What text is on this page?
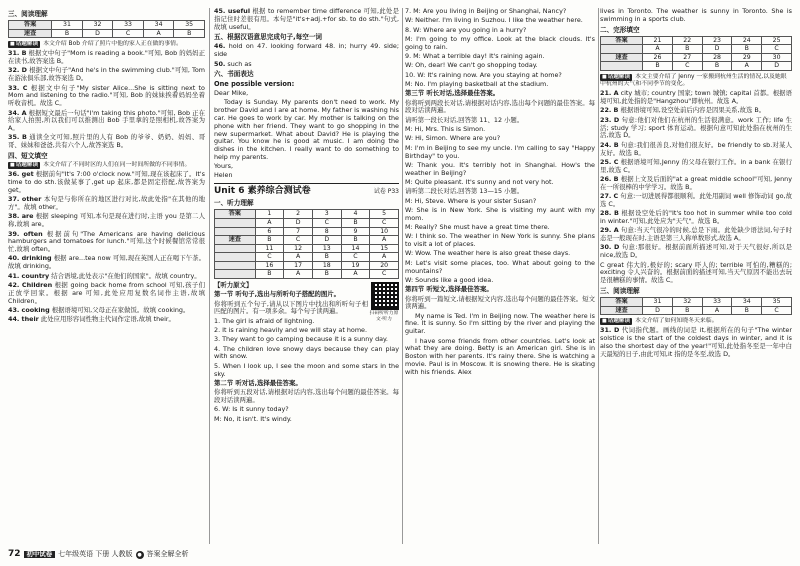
三、阅读理解
答案	31	32	33	34	35
速查	B	D	C	A	B
■ 话题解读 本文介绍 Bob 介绍了照片中他的家人正在做的事情。

31. B 根据文中句子"Mom is reading a book."可知, Bob 的妈妈正在读书,故答案选 B。

32. D 根据文中句子"And he's in the swimming club."可知, Tom 在游泳俱乐部,故答案选 D。

33. C 根据文中句子"My sister Alice...She is sitting next to Mom and listening to the radio."可知, Bob 的妹妹挨着妈妈坐着听收音机。故选 C。

34. A 根据短文最后一句话"I'm taking this photo."可知, Bob 正在给家人拍照,所以我们可以推测出 Bob 手里拿的是照相机,故答案为 A。

35. B 通读全文可知,照片里的人有 Bob 的爷爷、奶奶、妈妈、哥哥、妹妹和爸爸,共有六个人,故答案选 B。

四、短文填空
■ 话题解读 本文介绍了不同时区的人们在同一时间所做的不同事情。

36. get 根据前句"It's 7:00 o'clock now."可知,现在该起床了。It's time to do sth.该做某事了,get up 起床,都是固定搭配,故答案为 get。

37. other 本句是与你所在的地区进行对比,故此处指"在其他的地方"。故填 other。

38. are 根据 sleeping 可知,本句是现在进行时,主语 you 是第二人称,故填 are。

39. often 根据前句"The Americans are having delicious hamburgers and tomatoes for lunch."可知,这个时候餐馆常常很忙,故填 often。

40. drinking 根据 are...tea now 可知,现在英国人正在喝下午茶。故填 drinking。

41. country 结合语境,此处表示"在他们的国家"。故填 country。

42. Children 根据 going back home from school 可知,孩子们正放学回家。根据 are 可知,此处应用复数名词作主语,故填 Children。

43. cooking 根据语境可知,父母正在家做饭。故填 cooking。

44. their 此处应用形容词性物主代词作定语,故填 their。

45. useful 根据 to remember time difference 可知,此处是指记住时差很有用。本句是"it's+adj.+for sb. to do sth."句式,故填 useful。

五、根据汉语意思完成句子,每空一词

46. hold on 47. looking forward 48. in; hurry 49. side; side

50. such as

六、书面表达
One possible version:

Dear Mike,

Today is Sunday. My parents don't need to work. My brother David and I are at home. My father is washing his car. He goes to work by car. My mother is talking on the phone with her friend. They want to go shopping in the new supermarket. What about David? He is playing the guitar. You know he is good at music. I am doing the dishes in the kitchen. I really want to do something to help my parents.

Yours,

Helen

Unit 6 素养综合测试卷	试卷 P33
一、听力理解
答案	1	2	3	4	5
	A	D	C	B	C
	6	7	8	9	10
速查	B	C	D	B	A
	11	12	13	14	15
	C	A	B	C	A
	16	17	18	19	20
	B	A	B	A	C
扫码听听力原文·听力

【听力原文】

第一节 听句子,选出与所听句子搭配的图片。

你将听到五个句子,请从以下图片中找出和所听句子相匹配的图片。有一项多余。每个句子读两遍。

1. The girl is afraid of lightning.

2. It is raining heavily and we will stay at home.

3. They want to go camping because it is a sunny day.

4. The children love snowy days because they can play with snow.

5. When I look up, I see the moon and some stars in the sky.

第二节 听对话,选择最佳答案。

你将听到五段对话,请根据对话内容,选出每个问题的最佳答案。每段对话读两遍。

6. W: Is it sunny today?

M: No, it isn't. It's windy.

7. M: Are you living in Beijing or Shanghai, Nancy?

W: Neither. I'm living in Suzhou. I like the weather here.

8. W: Where are you going in a hurry?

M: I'm going to my office. Look at the black clouds. It's going to rain.

9. M: What a terrible day! It's raining again.

W: Oh, dear! We can't go shopping today.

10. W: It's raining now. Are you staying at home?

M: No. I'm playing basketball at the stadium.

第三节 听长对话,选择最佳答案。

你将听到两段长对话,请根据对话内容,选出每个问题的最佳答案。每段对话读两遍。

请听第一段长对话,回答第 11、12 小题。

M: Hi, Mrs. This is Simon.

W: Hi, Simon. Where are you?

M: I'm in Beijing to see my uncle. I'm calling to say "Happy Birthday" to you.

W: Thank you. It's terribly hot in Shanghai. How's the weather in Beijing?

M: Quite pleasant. It's sunny and not very hot.

请听第二段长对话,回答第 13—15 小题。

M: Hi, Steve. Where is your sister Susan?

W: She is in New York. She is visiting my aunt with my mom.

M: Really? She must have a great time there.

W: I think so. The weather in New York is sunny. She plans to visit a lot of places.

W: Wow. The weather here is also great these days.

M: Let's visit some places, too. What about going to the mountains?

W: Sounds like a good idea.

第四节 听短文,选择最佳答案。

你将听到一篇短文,请根据短文内容,选出每个问题的最佳答案。短文读两遍。

My name is Ted. I'm in Beijing now. The weather here is fine. It is sunny. So I'm sitting by the river and playing the guitar.

I have some friends from other countries. Let's look at what they are doing. Betty is an American girl. She is in Boston with her parents. It's rainy there. She is watching a movie. Paul is in Moscow. It is snowing there. He is skating with his friends. Alex

lives in Toronto. The weather is sunny in Toronto. She is swimming in a sports club.

二、完形填空
答案	21	22	23	24	25
	A	B	D	B	C
速查	26	27	28	29	30
	B	C	B	A	D
■ 话题解读 本文主要介绍了 Jenny 一家搬到杭州生活的情况,以及她眼中杭州的天气和不同季节的变化。

21. A city 城市; country 国家; town 城镇; capital 首都。根据语境可知,此处指的是"Hangzhou"即杭州。故选 A。

22. B 根据语境可知,设空处前后内容是因果关系,故选 B。

23. D 句意:他们对他们在杭州的生活很满意。work 工作; life 生活; study 学习; sport 体育运动。根据句意可知此处指在杭州的生活,故选 D。

24. B 句意:我们很善良,对他们很友好。be friendly to sb.对某人友好。故选 B。

25. C 根据语境可知,Jenny 的父母在银行工作。in a bank 在银行里,故选 C。

26. B 根据上文及后面的"at a great middle school"可知, Jenny 在一所很棒的中学学习。故选 B。

27. C 句意:一切进展得都很顺利。此处用副词 well 修饰动词 go,故选 C。

28. B 根据设空处后的"It's too hot in summer while too cold in winter."可知,此处应为"天气"。故选 B。

29. A 句意:当天气很冷的时候,总是下雨。此处缺少语法词,句子时态是一般现在时,主语是第三人称单数形式,故选 A。

30. D 句意:那很好。根据前面所描述可知,对于天气很好,所以是 nice,故选 D。

C great 伟大的,极好的; scary 吓人的; terrible 可怕的,糟糕的; exciting 令人兴奋的。根据前面的描述可知,当天气原因不能出去玩是很糟糕的事情。故选 C。

三、阅读理解
答案	31	32	33	34	35
速查	D	B	A	B	C
■ 话题解读 本文介绍了如何知晓冬天来临。

31. D 代词指代题。画线的词是 it,根据所在的句子"The winter solstice is the start of the coldest days in winter, and it is also the shortest day of the year!"可知,此处指冬至是一年中白天最短的日子,由此可知,it 指的是冬至,故选 D。

72 初中试卷 七年级英语 下册 人教版 ● 答案全解全析
